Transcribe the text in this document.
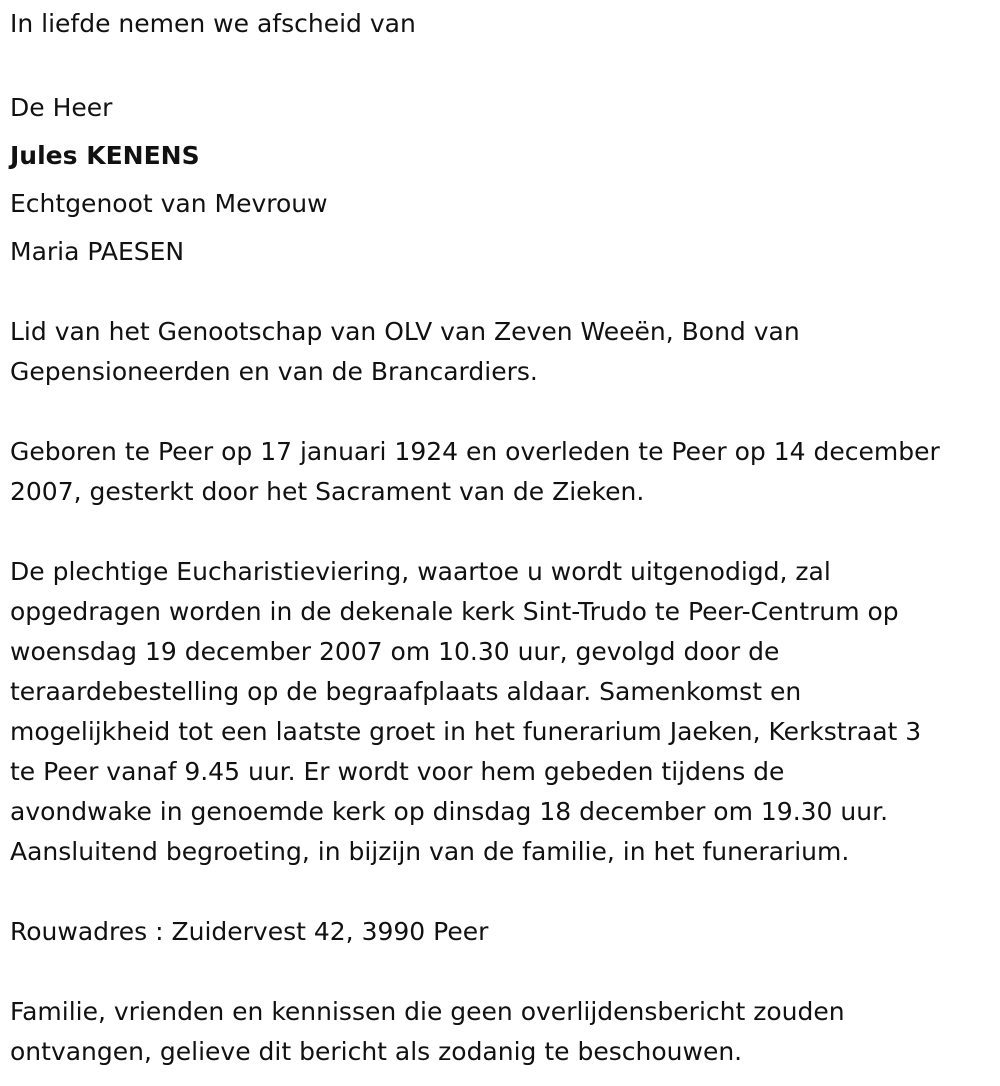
In liefde nemen we afscheid van
De Heer
Jules KENENS
Echtgenoot van Mevrouw
Maria PAESEN
Lid van het Genootschap van OLV van Zeven Weeën, Bond van
Gepensioneerden en van de Brancardiers.
Geboren te Peer op 17 januari 1924 en overleden te Peer op 14 december
2007, gesterkt door het Sacrament van de Zieken.
De plechtige Eucharistieviering, waartoe u wordt uitgenodigd, zal
opgedragen worden in de dekenale kerk Sint-Trudo te Peer-Centrum op
woensdag 19 december 2007 om 10.30 uur, gevolgd door de
teraardebestelling op de begraafplaats aldaar. Samenkomst en
mogelijkheid tot een laatste groet in het funerarium Jaeken, Kerkstraat 3
te Peer vanaf 9.45 uur. Er wordt voor hem gebeden tijdens de
avondwake in genoemde kerk op dinsdag 18 december om 19.30 uur.
Aansluitend begroeting, in bijzijn van de familie, in het funerarium.
Rouwadres : Zuidervest 42, 3990 Peer
Familie, vrienden en kennissen die geen overlijdensbericht zouden
ontvangen, gelieve dit bericht als zodanig te beschouwen.
